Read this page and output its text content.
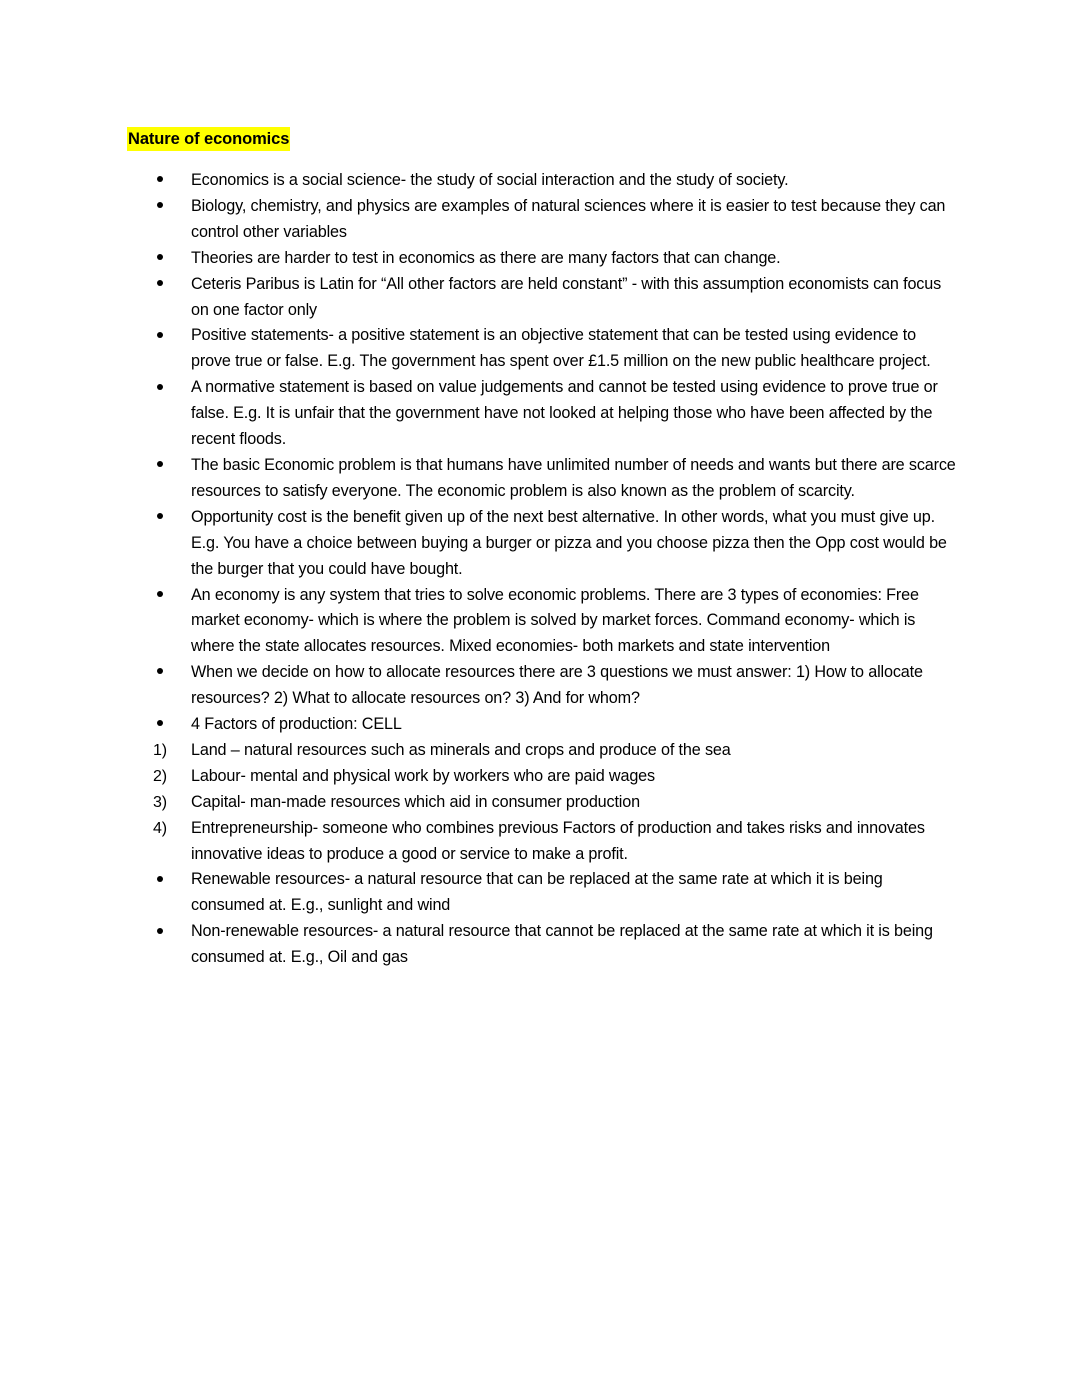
Nature of economics
Economics is a social science- the study of social interaction and the study of society.
Biology, chemistry, and physics are examples of natural sciences where it is easier to test because they can control other variables
Theories are harder to test in economics as there are many factors that can change.
Ceteris Paribus is Latin for “All other factors are held constant” - with this assumption economists can focus on one factor only
Positive statements- a positive statement is an objective statement that can be tested using evidence to prove true or false. E.g. The government has spent over £1.5 million on the new public healthcare project.
A normative statement is based on value judgements and cannot be tested using evidence to prove true or false. E.g. It is unfair that the government have not looked at helping those who have been affected by the recent floods.
The basic Economic problem is that humans have unlimited number of needs and wants but there are scarce resources to satisfy everyone. The economic problem is also known as the problem of scarcity.
Opportunity cost is the benefit given up of the next best alternative. In other words, what you must give up. E.g. You have a choice between buying a burger or pizza and you choose pizza then the Opp cost would be the burger that you could have bought.
An economy is any system that tries to solve economic problems. There are 3 types of economies: Free market economy- which is where the problem is solved by market forces. Command economy- which is where the state allocates resources. Mixed economies- both markets and state intervention
When we decide on how to allocate resources there are 3 questions we must answer: 1) How to allocate resources? 2) What to allocate resources on? 3) And for whom?
4 Factors of production: CELL
1)	Land – natural resources such as minerals and crops and produce of the sea
2)	Labour- mental and physical work by workers who are paid wages
3)	Capital- man-made resources which aid in consumer production
4)	Entrepreneurship- someone who combines previous Factors of production and takes risks and innovates innovative ideas to produce a good or service to make a profit.
Renewable resources- a natural resource that can be replaced at the same rate at which it is being consumed at. E.g., sunlight and wind
Non-renewable resources- a natural resource that cannot be replaced at the same rate at which it is being consumed at. E.g., Oil and gas
